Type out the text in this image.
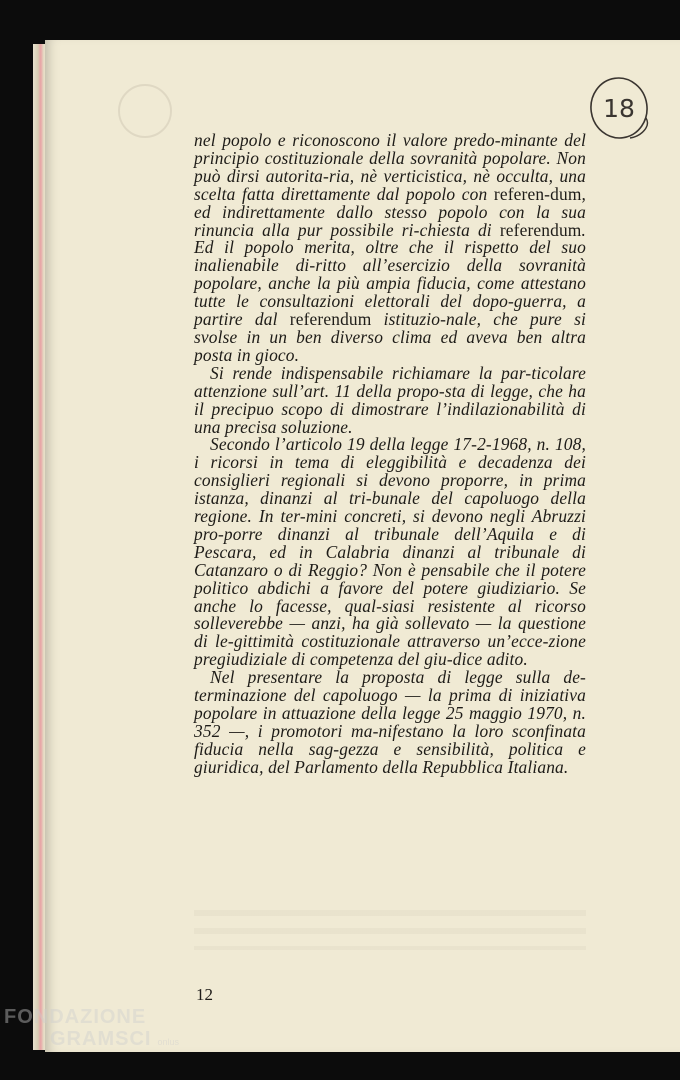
18

nel popolo e riconoscono il valore predo-minante del principio costituzionale della sovranità popolare. Non può dirsi autorita-ria, nè verticistica, nè occulta, una scelta fatta direttamente dal popolo con referen-dum, ed indirettamente dallo stesso popolo con la sua rinuncia alla pur possibile ri-chiesta di referendum. Ed il popolo merita, oltre che il rispetto del suo inalienabile di-ritto all’esercizio della sovranità popolare, anche la più ampia fiducia, come attestano tutte le consultazioni elettorali del dopo-guerra, a partire dal referendum istituzio-nale, che pure si svolse in un ben diverso clima ed aveva ben altra posta in gioco.

Si rende indispensabile richiamare la par-ticolare attenzione sull’art. 11 della propo-sta di legge, che ha il precipuo scopo di dimostrare l’indilazionabilità di una precisa soluzione.

Secondo l’articolo 19 della legge 17-2-1968, n. 108, i ricorsi in tema di eleggibilità e decadenza dei consiglieri regionali si devono proporre, in prima istanza, dinanzi al tri-bunale del capoluogo della regione. In ter-mini concreti, si devono negli Abruzzi pro-porre dinanzi al tribunale dell’Aquila e di Pescara, ed in Calabria dinanzi al tribunale di Catanzaro o di Reggio? Non è pensabile che il potere politico abdichi a favore del potere giudiziario. Se anche lo facesse, qual-siasi resistente al ricorso solleverebbe — anzi, ha già sollevato — la questione di le-gittimità costituzionale attraverso un’ecce-zione pregiudiziale di competenza del giu-dice adito.

Nel presentare la proposta di legge sulla de-terminazione del capoluogo — la prima di iniziativa popolare in attuazione della legge 25 maggio 1970, n. 352 —, i promotori ma-nifestano la loro sconfinata fiducia nella sag-gezza e sensibilità, politica e giuridica, del Parlamento della Repubblica Italiana.

12
FONDAZIONE
GRAMSCI onlus
